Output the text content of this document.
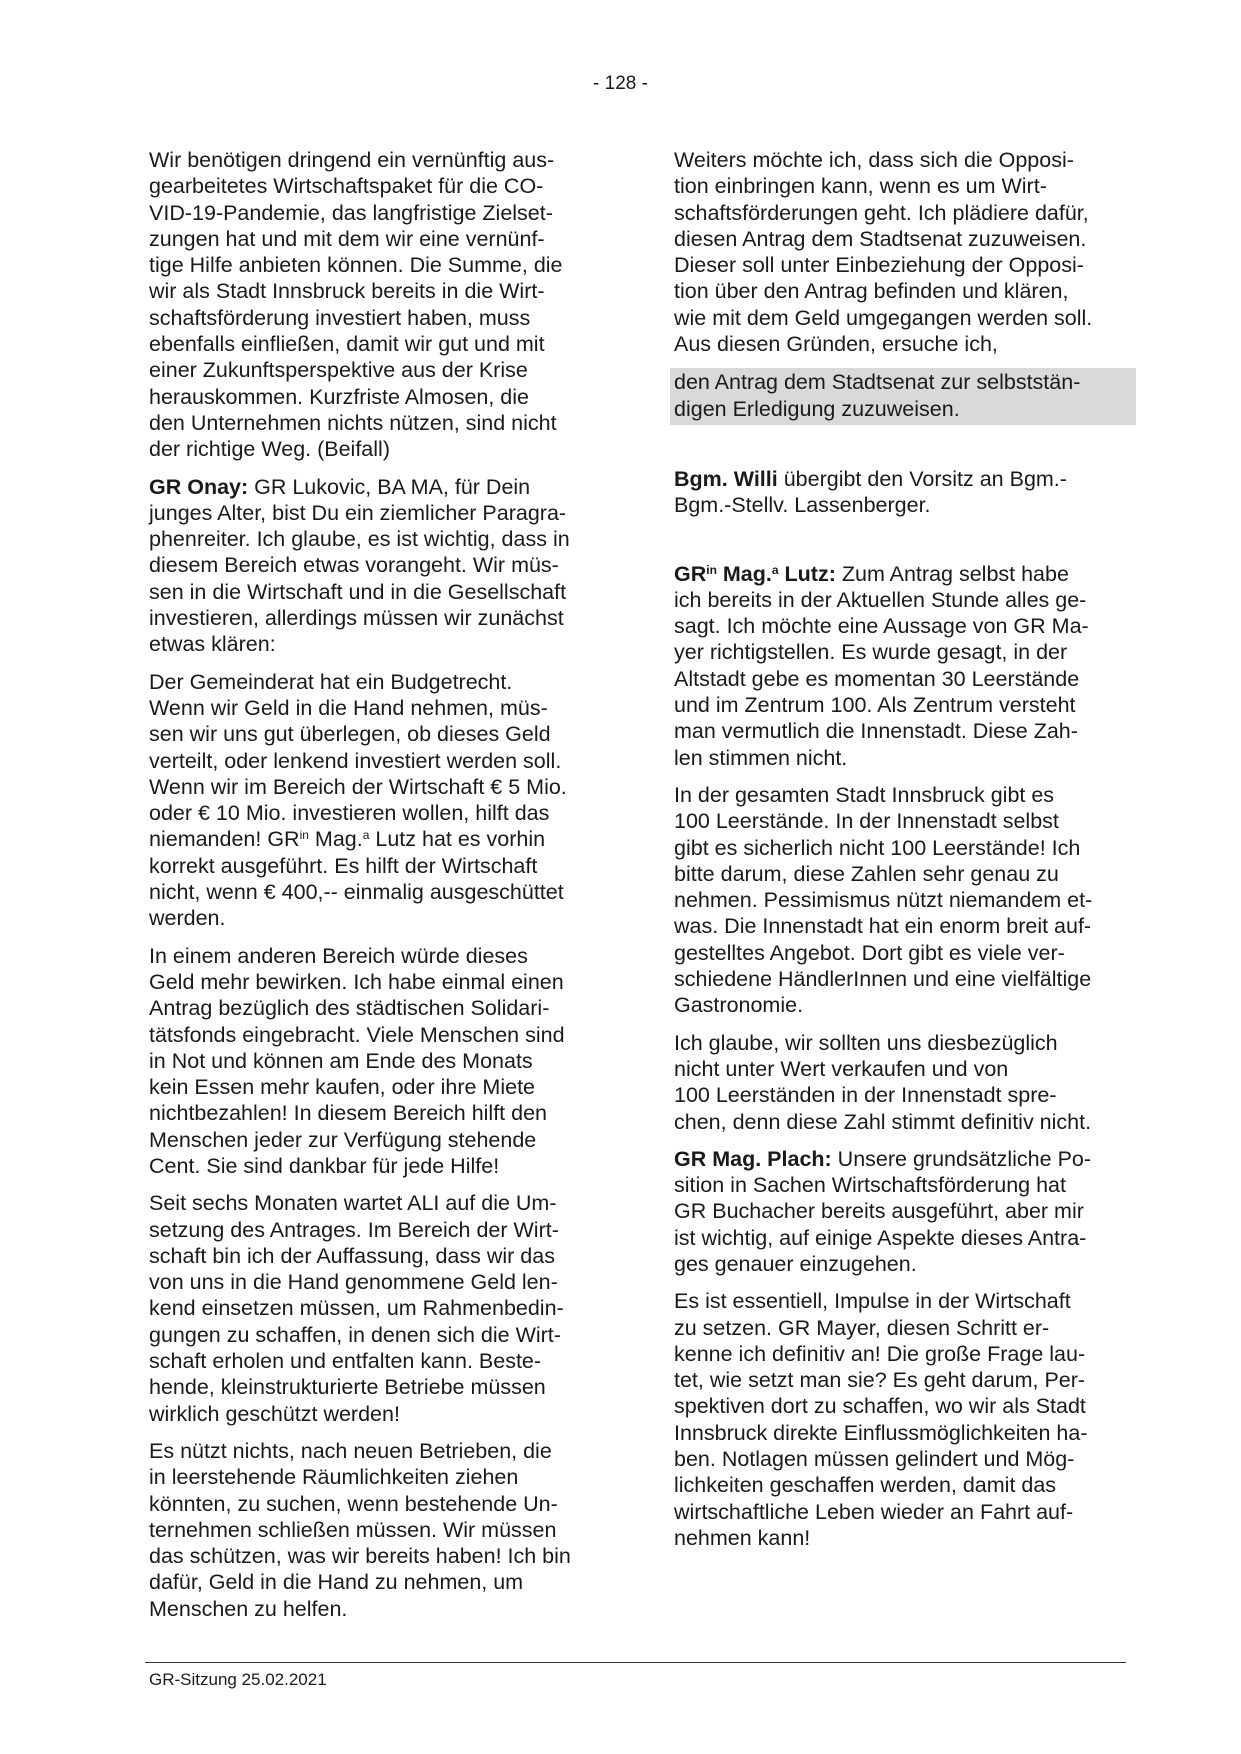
- 128 -

Wir benötigen dringend ein vernünftig aus-
gearbeitetes Wirtschaftspaket für die CO-
VID-19-Pandemie, das langfristige Zielset-
zungen hat und mit dem wir eine vernünf-
tige Hilfe anbieten können. Die Summe, die
wir als Stadt Innsbruck bereits in die Wirt-
schaftsförderung investiert haben, muss
ebenfalls einfließen, damit wir gut und mit
einer Zukunftsperspektive aus der Krise
herauskommen. Kurzfriste Almosen, die
den Unternehmen nichts nützen, sind nicht
der richtige Weg. (Beifall)

GR Onay: GR Lukovic, BA MA, für Dein
junges Alter, bist Du ein ziemlicher Paragra-
phenreiter. Ich glaube, es ist wichtig, dass in
diesem Bereich etwas vorangeht. Wir müs-
sen in die Wirtschaft und in die Gesellschaft
investieren, allerdings müssen wir zunächst
etwas klären:

Der Gemeinderat hat ein Budgetrecht.
Wenn wir Geld in die Hand nehmen, müs-
sen wir uns gut überlegen, ob dieses Geld
verteilt, oder lenkend investiert werden soll.
Wenn wir im Bereich der Wirtschaft € 5 Mio.
oder € 10 Mio. investieren wollen, hilft das
niemanden! $GR^{in}$ Mag.$^a$ Lutz hat es vorhin
korrekt ausgeführt. Es hilft der Wirtschaft
nicht, wenn € 400,-- einmalig ausgeschüttet
werden.

In einem anderen Bereich würde dieses
Geld mehr bewirken. Ich habe einmal einen
Antrag bezüglich des städtischen Solidari-
tätsfonds eingebracht. Viele Menschen sind
in Not und können am Ende des Monats
kein Essen mehr kaufen, oder ihre Miete
nichtbezahlen! In diesem Bereich hilft den
Menschen jeder zur Verfügung stehende
Cent. Sie sind dankbar für jede Hilfe!

Seit sechs Monaten wartet ALI auf die Um-
setzung des Antrages. Im Bereich der Wirt-
schaft bin ich der Auffassung, dass wir das
von uns in die Hand genommene Geld len-
kend einsetzen müssen, um Rahmenbedin-
gungen zu schaffen, in denen sich die Wirt-
schaft erholen und entfalten kann. Beste-
hende, kleinstrukturierte Betriebe müssen
wirklich geschützt werden!

Es nützt nichts, nach neuen Betrieben, die
in leerstehende Räumlichkeiten ziehen
könnten, zu suchen, wenn bestehende Un-
ternehmen schließen müssen. Wir müssen
das schützen, was wir bereits haben! Ich bin
dafür, Geld in die Hand zu nehmen, um
Menschen zu helfen.

Weiters möchte ich, dass sich die Opposi-
tion einbringen kann, wenn es um Wirt-
schaftsförderungen geht. Ich plädiere dafür,
diesen Antrag dem Stadtsenat zuzuweisen.
Dieser soll unter Einbeziehung der Opposi-
tion über den Antrag befinden und klären,
wie mit dem Geld umgegangen werden soll.
Aus diesen Gründen, ersuche ich,

den Antrag dem Stadtsenat zur selbststän-
digen Erledigung zuzuweisen.

Bgm. Willi übergibt den Vorsitz an Bgm.-
Bgm.-Stellv. Lassenberger.

$GR^{in}$ Mag.$^a$ Lutz: Zum Antrag selbst habe
ich bereits in der Aktuellen Stunde alles ge-
sagt. Ich möchte eine Aussage von GR Ma-
yer richtigstellen. Es wurde gesagt, in der
Altstadt gebe es momentan 30 Leerstände
und im Zentrum 100. Als Zentrum versteht
man vermutlich die Innenstadt. Diese Zah-
len stimmen nicht.

In der gesamten Stadt Innsbruck gibt es
100 Leerstände. In der Innenstadt selbst
gibt es sicherlich nicht 100 Leerstände! Ich
bitte darum, diese Zahlen sehr genau zu
nehmen. Pessimismus nützt niemandem et-
was. Die Innenstadt hat ein enorm breit auf-
gestelltes Angebot. Dort gibt es viele ver-
schiedene HändlerInnen und eine vielfältige
Gastronomie.

Ich glaube, wir sollten uns diesbezüglich
nicht unter Wert verkaufen und von
100 Leerständen in der Innenstadt spre-
chen, denn diese Zahl stimmt definitiv nicht.

GR Mag. Plach: Unsere grundsätzliche Po-
sition in Sachen Wirtschaftsförderung hat
GR Buchacher bereits ausgeführt, aber mir
ist wichtig, auf einige Aspekte dieses Antra-
ges genauer einzugehen.

Es ist essentiell, Impulse in der Wirtschaft
zu setzen. GR Mayer, diesen Schritt er-
kenne ich definitiv an! Die große Frage lau-
tet, wie setzt man sie? Es geht darum, Per-
spektiven dort zu schaffen, wo wir als Stadt
Innsbruck direkte Einflussmöglichkeiten ha-
ben. Notlagen müssen gelindert und Mög-
lichkeiten geschaffen werden, damit das
wirtschaftliche Leben wieder an Fahrt auf-
nehmen kann!

GR-Sitzung 25.02.2021
